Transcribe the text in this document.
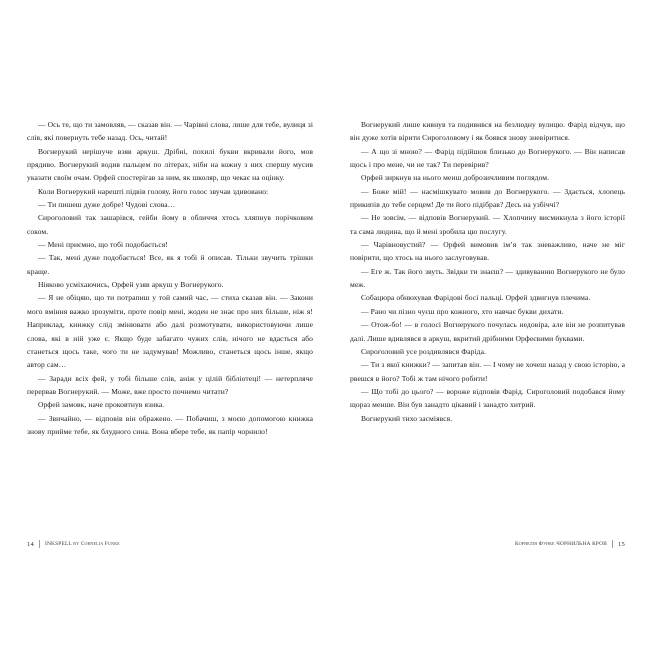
— Ось те, що ти замовляв, — сказав він. — Чарівні слова, лише для тебе, вулиця зі слів, які повернуть тебе назад. Ось, читай!

Вогнерукий нерішуче взяв аркуш. Дрібні, похилі букви вкривали його, мов прядиво. Вогнерукий водив пальцем по літерах, ніби на кожну з них спершу мусив указати своїм очам. Орфей спостерігав за ним, як школяр, що чекає на оцінку.

Коли Вогнерукий нарешті підвів голову, його голос звучав здивовано:

— Ти пишеш дуже добре! Чудові слова…

Сироголовий так зашарівся, гейби йому в обличчя хтось хляпнув порічковим соком.

— Мені приємно, що тобі подобається!

— Так, мені дуже подобається! Все, як я тобі й описав. Тільки звучить трішки краще.

Ніяково усміхаючись, Орфей узяв аркуш у Вогнерукого.

— Я не обіцяю, що ти потрапиш у той самий час, — стиха сказав він. — Закони мого вміння важко зрозуміти, проте повір мені, жоден не знає про них більше, ніж я! Наприклад, книжку слід змінювати або далі розмотувати, використовуючи лише слова, які в ній уже є. Якщо буде забагато чужих слів, нічого не вдасться або станеться щось таке, чого ти не задумував! Можливо, станеться щось інше, якщо автор сам…

— Заради всіх фей, у тобі більше слів, аніж у цілій бібліотеці! — нетерпляче перервав Вогнерукий. — Може, вже просто почнемо читати?

Орфей замовк, наче проковтнув язика.

— Звичайно, — відповів він ображено. — Побачиш, з моєю допомогою книжка знову прийме тебе, як блудного сина. Вона вбере тебе, як папір чорнило!

14 INKSPELL by Cornelia Funke

Вогнерукий лише кивнув та подивився на безлюдну вулицю. Фарід відчув, що він дуже хотів вірити Сироголовому і як боявся знову зневіритися.

— А що зі мною? — Фарід підійшов близько до Вогнерукого. — Він написав щось і про мене, чи не так? Ти перевірив?

Орфей зиркнув на нього менш доброзичливим поглядом.

— Боже мій! — насмішкувато мовив до Вогнерукого. — Здається, хлопець прикипів до тебе серцем! Де ти його підібрав? Десь на узбіччі?

— Не зовсім, — відповів Вогнерукий. — Хлопчину висмикнула з його історії та сама людина, що й мені зробила цю послугу.

— Чарівновустий? — Орфей вимовив ім’я так зневажливо, наче не міг повірити, що хтось на нього заслуговував.

— Еге ж. Так його звуть. Звідки ти знаєш? — здивуванню Вогнерукого не було меж.

Собацюра обнюхував Фарідові босі пальці. Орфей здвигнув плечима.

— Рано чи пізно чуєш про кожного, хто навчає букви дихати.

— Отож-бо! — в голосі Вогнерукого почулась недовіра, але він не розпитував далі. Лише вдивлявся в аркуш, вкритий дрібними Орфеєвими буквами.

Сироголовий усе роздивлявся Фаріда.

— Ти з якої книжки? — запитав він. — І чому не хочеш назад у свою історію, а рвешся в його? Тобі ж там нічого робити!

— Що тобі до цього? — вороже відповів Фарід. Сироголовий подобався йому щораз менше. Він був занадто цікавий і занадто хитрий.

Вогнерукий тихо засміявся.

Корнелія Функе ЧОРНИЛЬНА КРОВ 15
